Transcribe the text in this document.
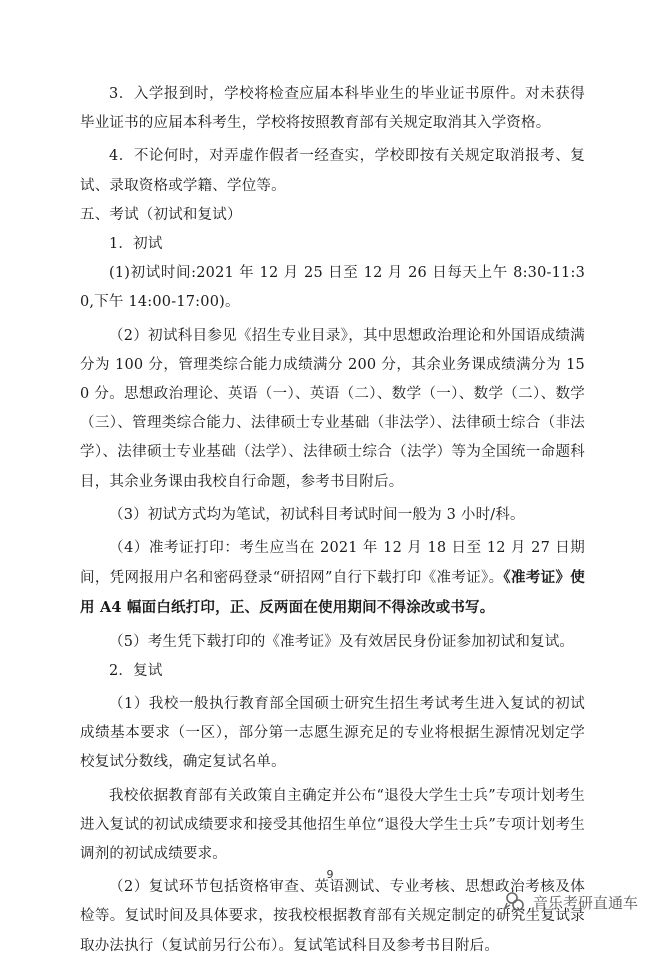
3．入学报到时，学校将检查应届本科毕业生的毕业证书原件。对未获得毕业证书的应届本科考生，学校将按照教育部有关规定取消其入学资格。

4．不论何时，对弄虚作假者一经查实，学校即按有关规定取消报考、复试、录取资格或学籍、学位等。

五、考试（初试和复试）

1．初试

(1)初试时间:2021 年 12 月 25 日至 12 月 26 日每天上午 8:30-11:30,下午 14:00-17:00)。

（2）初试科目参见《招生专业目录》，其中思想政治理论和外国语成绩满分为 100 分，管理类综合能力成绩满分 200 分，其余业务课成绩满分为 150 分。思想政治理论、英语（一）、英语（二）、数学（一）、数学（二）、数学（三）、管理类综合能力、法律硕士专业基础（非法学）、法律硕士综合（非法学）、法律硕士专业基础（法学）、法律硕士综合（法学）等为全国统一命题科目，其余业务课由我校自行命题，参考书目附后。

（3）初试方式均为笔试，初试科目考试时间一般为 3 小时/科。

（4）准考证打印：考生应当在 2021 年 12 月 18 日至 12 月 27 日期间，凭网报用户名和密码登录“研招网”自行下载打印《准考证》。《准考证》使用 A4 幅面白纸打印，正、反两面在使用期间不得涂改或书写。

（5）考生凭下载打印的《准考证》及有效居民身份证参加初试和复试。

2．复试

（1）我校一般执行教育部全国硕士研究生招生考试考生进入复试的初试成绩基本要求（一区），部分第一志愿生源充足的专业将根据生源情况划定学校复试分数线，确定复试名单。

我校依据教育部有关政策自主确定并公布“退役大学生士兵”专项计划考生进入复试的初试成绩要求和接受其他招生单位“退役大学生士兵”专项计划考生调剂的初试成绩要求。

（2）复试环节包括资格审查、英语测试、专业考核、思想政治考核及体检等。复试时间及具体要求，按我校根据教育部有关规定制定的研究生复试录取办法执行（复试前另行公布）。复试笔试科目及参考书目附后。

9
音乐考研直通车
